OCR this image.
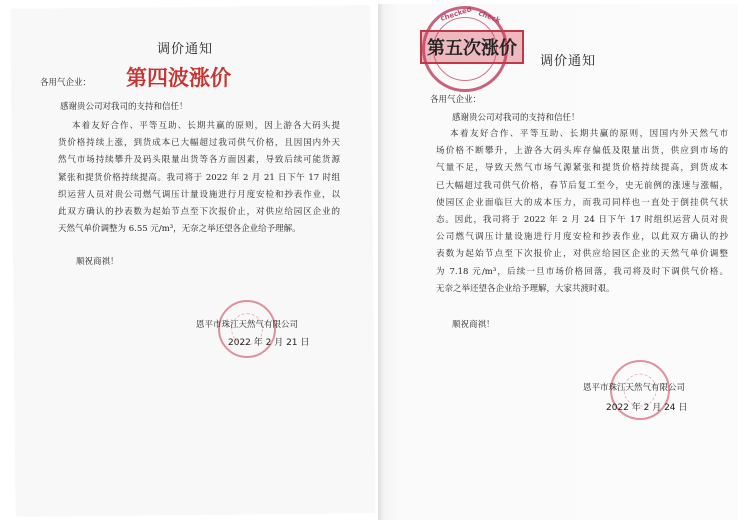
调价通知
第四波涨价
各用气企业：
感谢贵公司对我司的支持和信任！
本着友好合作、平等互助、长期共赢的原则，因上游各大码头提
货价格持续上涨，到货成本已大幅超过我司供气价格，且因国内外天
然气市场持续攀升及码头限量出货等各方面因素，导致后续可能货源
紧张和提货价格持续提高。我司将于 2022 年 2 月 21 日下午 17 时组
织运营人员对贵公司燃气调压计量设施进行月度安检和抄表作业，以
此双方确认的抄表数为起始节点至下次报价止，对供应给园区企业的
天然气单价调整为 6.55 元/m³，无奈之举还望各企业给予理解。
顺祝商祺！
恩平市珠江天然气有限公司
2022 年 2 月 21 日
checked check
第五次涨价
调价通知
各用气企业：
感谢贵公司对我司的支持和信任！
本着友好合作、平等互助、长期共赢的原则，因国内外天然气市
场价格不断攀升，上游各大码头库存偏低及限量出货，供应到市场的
气量不足，导致天然气市场气源紧张和提货价格持续提高，到货成本
已大幅超过我司供气价格，春节后复工至今，史无前例的涨速与涨幅，
使园区企业面临巨大的成本压力，而我司同样也一直处于倒挂供气状
态。因此，我司将于 2022 年 2 月 24 日下午 17 时组织运营人员对贵
公司燃气调压计量设施进行月度安检和抄表作业，以此双方确认的抄
表数为起始节点至下次报价止，对供应给园区企业的天然气单价调整
为 7.18 元/m³，后续一旦市场价格回落，我司将及时下调供气价格。
无奈之举还望各企业给予理解，大家共渡时艰。
顺祝商祺！
恩平市珠江天然气有限公司
2022 年 2 月 24 日
